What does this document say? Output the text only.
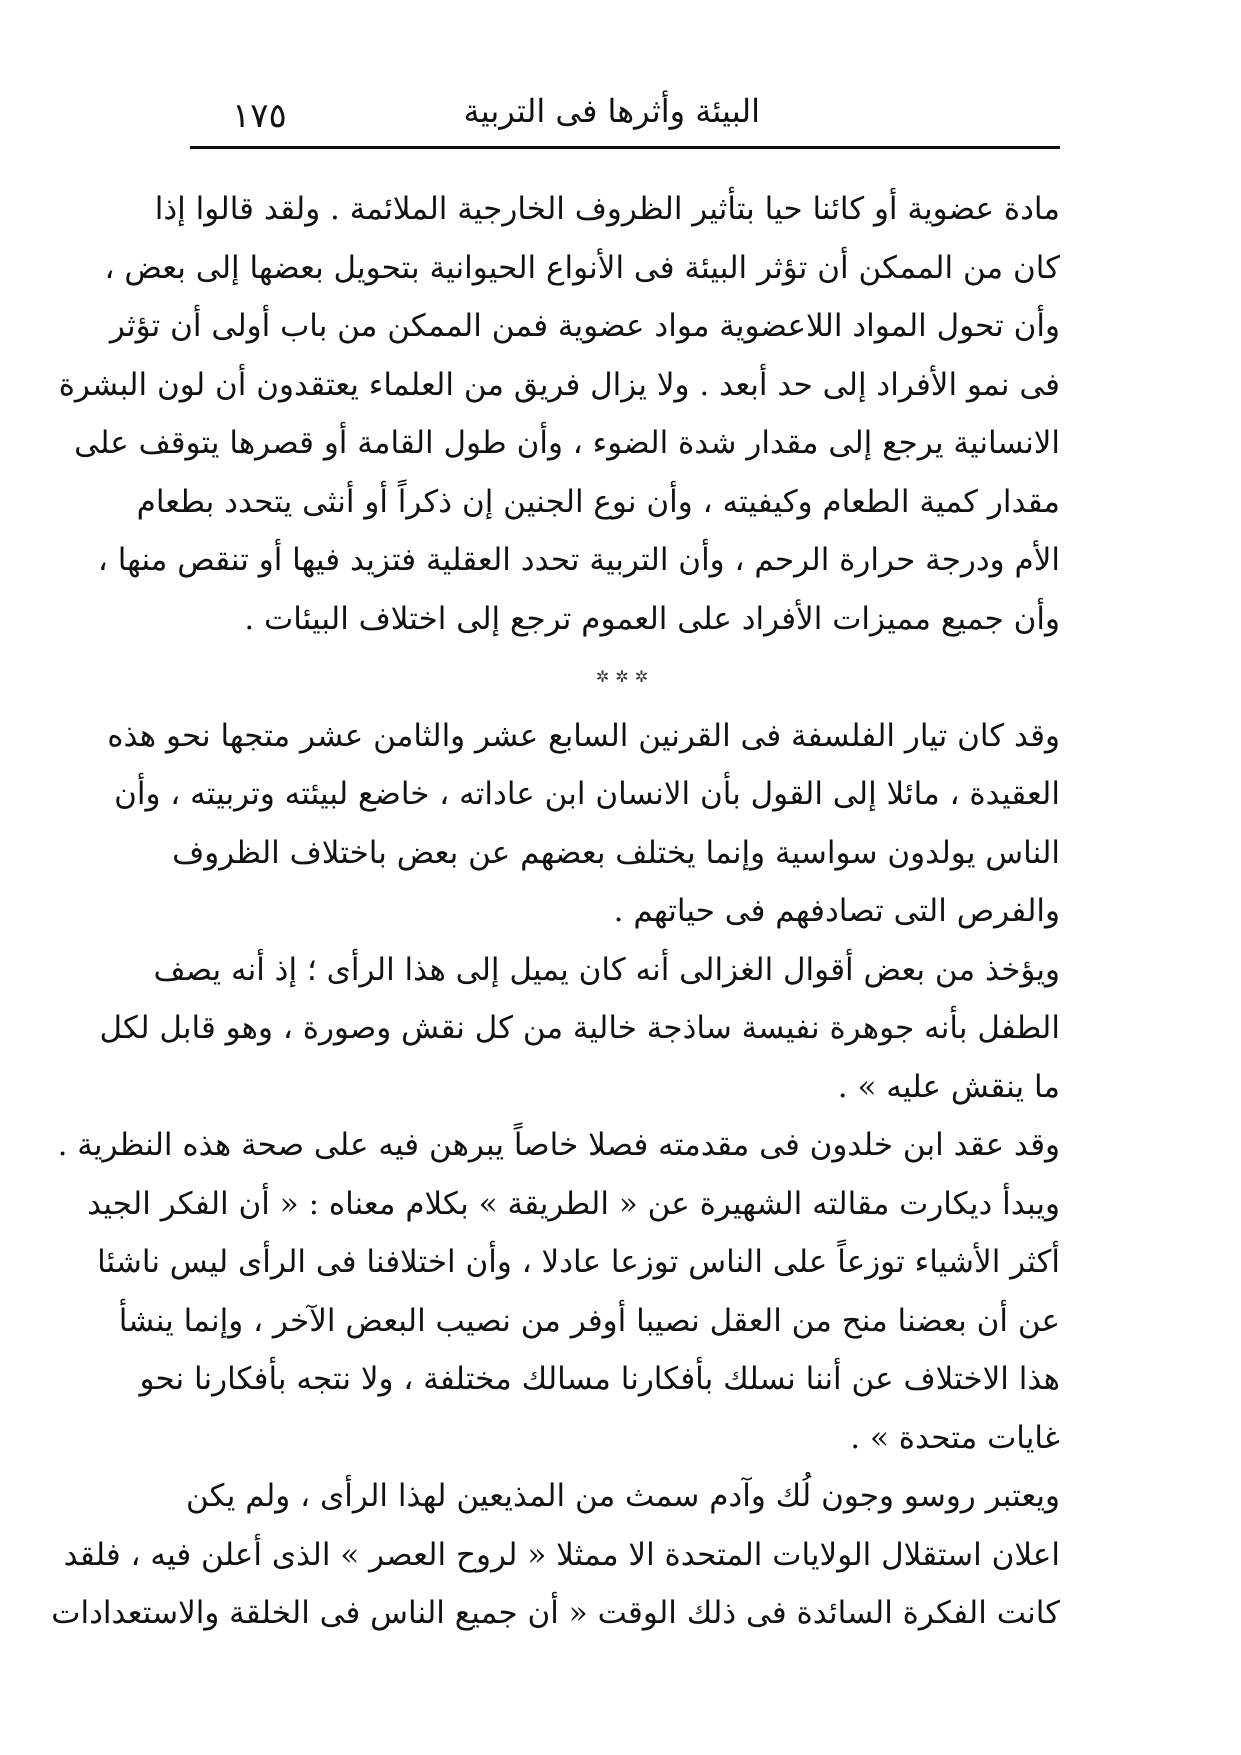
١٧٥	البيئة وأثرها فى التربية
مادة عضوية أو كائنا حيا بتأثير الظروف الخارجية الملائمة . ولقد قالوا إذا
كان من الممكن أن تؤثر البيئة فى الأنواع الحيوانية بتحويل بعضها إلى بعض ،
وأن تحول المواد اللاعضوية مواد عضوية فمن الممكن من باب أولى أن تؤثر
فى نمو الأفراد إلى حد أبعد . ولا يزال فريق من العلماء يعتقدون أن لون البشرة
الانسانية يرجع إلى مقدار شدة الضوء ، وأن طول القامة أو قصرها يتوقف على
مقدار كمية الطعام وكيفيته ، وأن نوع الجنين إن ذكراً أو أنثى يتحدد بطعام
الأم ودرجة حرارة الرحم ، وأن التربية تحدد العقلية فتزيد فيها أو تنقص منها ،
وأن جميع مميزات الأفراد على العموم ترجع إلى اختلاف البيئات .
✲✲✲
وقد كان تيار الفلسفة فى القرنين السابع عشر والثامن عشر متجها نحو هذه
العقيدة ، مائلا إلى القول بأن الانسان ابن عاداته ، خاضع لبيئته وتربيته ، وأن
الناس يولدون سواسية وإنما يختلف بعضهم عن بعض باختلاف الظروف
والفرص التى تصادفهم فى حياتهم .
ويؤخذ من بعض أقوال الغزالى أنه كان يميل إلى هذا الرأى ؛ إذ أنه يصف
الطفل بأنه جوهرة نفيسة ساذجة خالية من كل نقش وصورة ، وهو قابل لكل
ما ينقش عليه » .
وقد عقد ابن خلدون فى مقدمته فصلا خاصاً يبرهن فيه على صحة هذه النظرية .
ويبدأ ديكارت مقالته الشهيرة عن « الطريقة » بكلام معناه : « أن الفكر الجيد
أكثر الأشياء توزعاً على الناس توزعا عادلا ، وأن اختلافنا فى الرأى ليس ناشئا
عن أن بعضنا منح من العقل نصيبا أوفر من نصيب البعض الآخر ، وإنما ينشأ
هذا الاختلاف عن أننا نسلك بأفكارنا مسالك مختلفة ، ولا نتجه بأفكارنا نحو
غايات متحدة » .
ويعتبر روسو وجون لُك وآدم سمث من المذيعين لهذا الرأى ، ولم يكن
اعلان استقلال الولايات المتحدة الا ممثلا « لروح العصر » الذى أعلن فيه ، فلقد
كانت الفكرة السائدة فى ذلك الوقت « أن جميع الناس فى الخلقة والاستعدادات
